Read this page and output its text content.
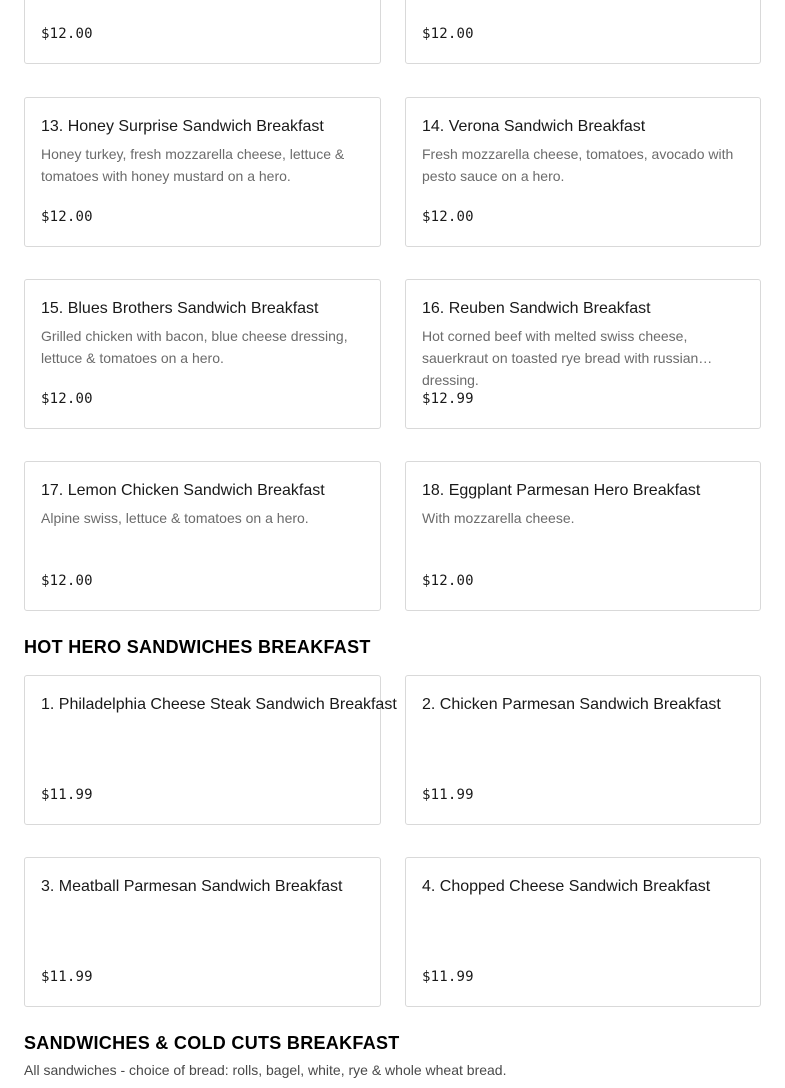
$12.00	$12.00
13. Honey Surprise Sandwich Breakfast
Honey turkey, fresh mozzarella cheese, lettuce & tomatoes with honey mustard on a hero.
$12.00
14. Verona Sandwich Breakfast
Fresh mozzarella cheese, tomatoes, avocado with pesto sauce on a hero.
$12.00
15. Blues Brothers Sandwich Breakfast
Grilled chicken with bacon, blue cheese dressing, lettuce & tomatoes on a hero.
$12.00
16. Reuben Sandwich Breakfast
Hot corned beef with melted swiss cheese, sauerkraut on toasted rye bread with russian dressing.
$12.99
17. Lemon Chicken Sandwich Breakfast
Alpine swiss, lettuce & tomatoes on a hero.
$12.00
18. Eggplant Parmesan Hero Breakfast
With mozzarella cheese.
$12.00
HOT HERO SANDWICHES BREAKFAST
1. Philadelphia Cheese Steak Sandwich Breakfast
$11.99
2. Chicken Parmesan Sandwich Breakfast
$11.99
3. Meatball Parmesan Sandwich Breakfast
$11.99
4. Chopped Cheese Sandwich Breakfast
$11.99
SANDWICHES & COLD CUTS BREAKFAST

All sandwiches - choice of bread: rolls, bagel, white, rye & whole wheat bread.
